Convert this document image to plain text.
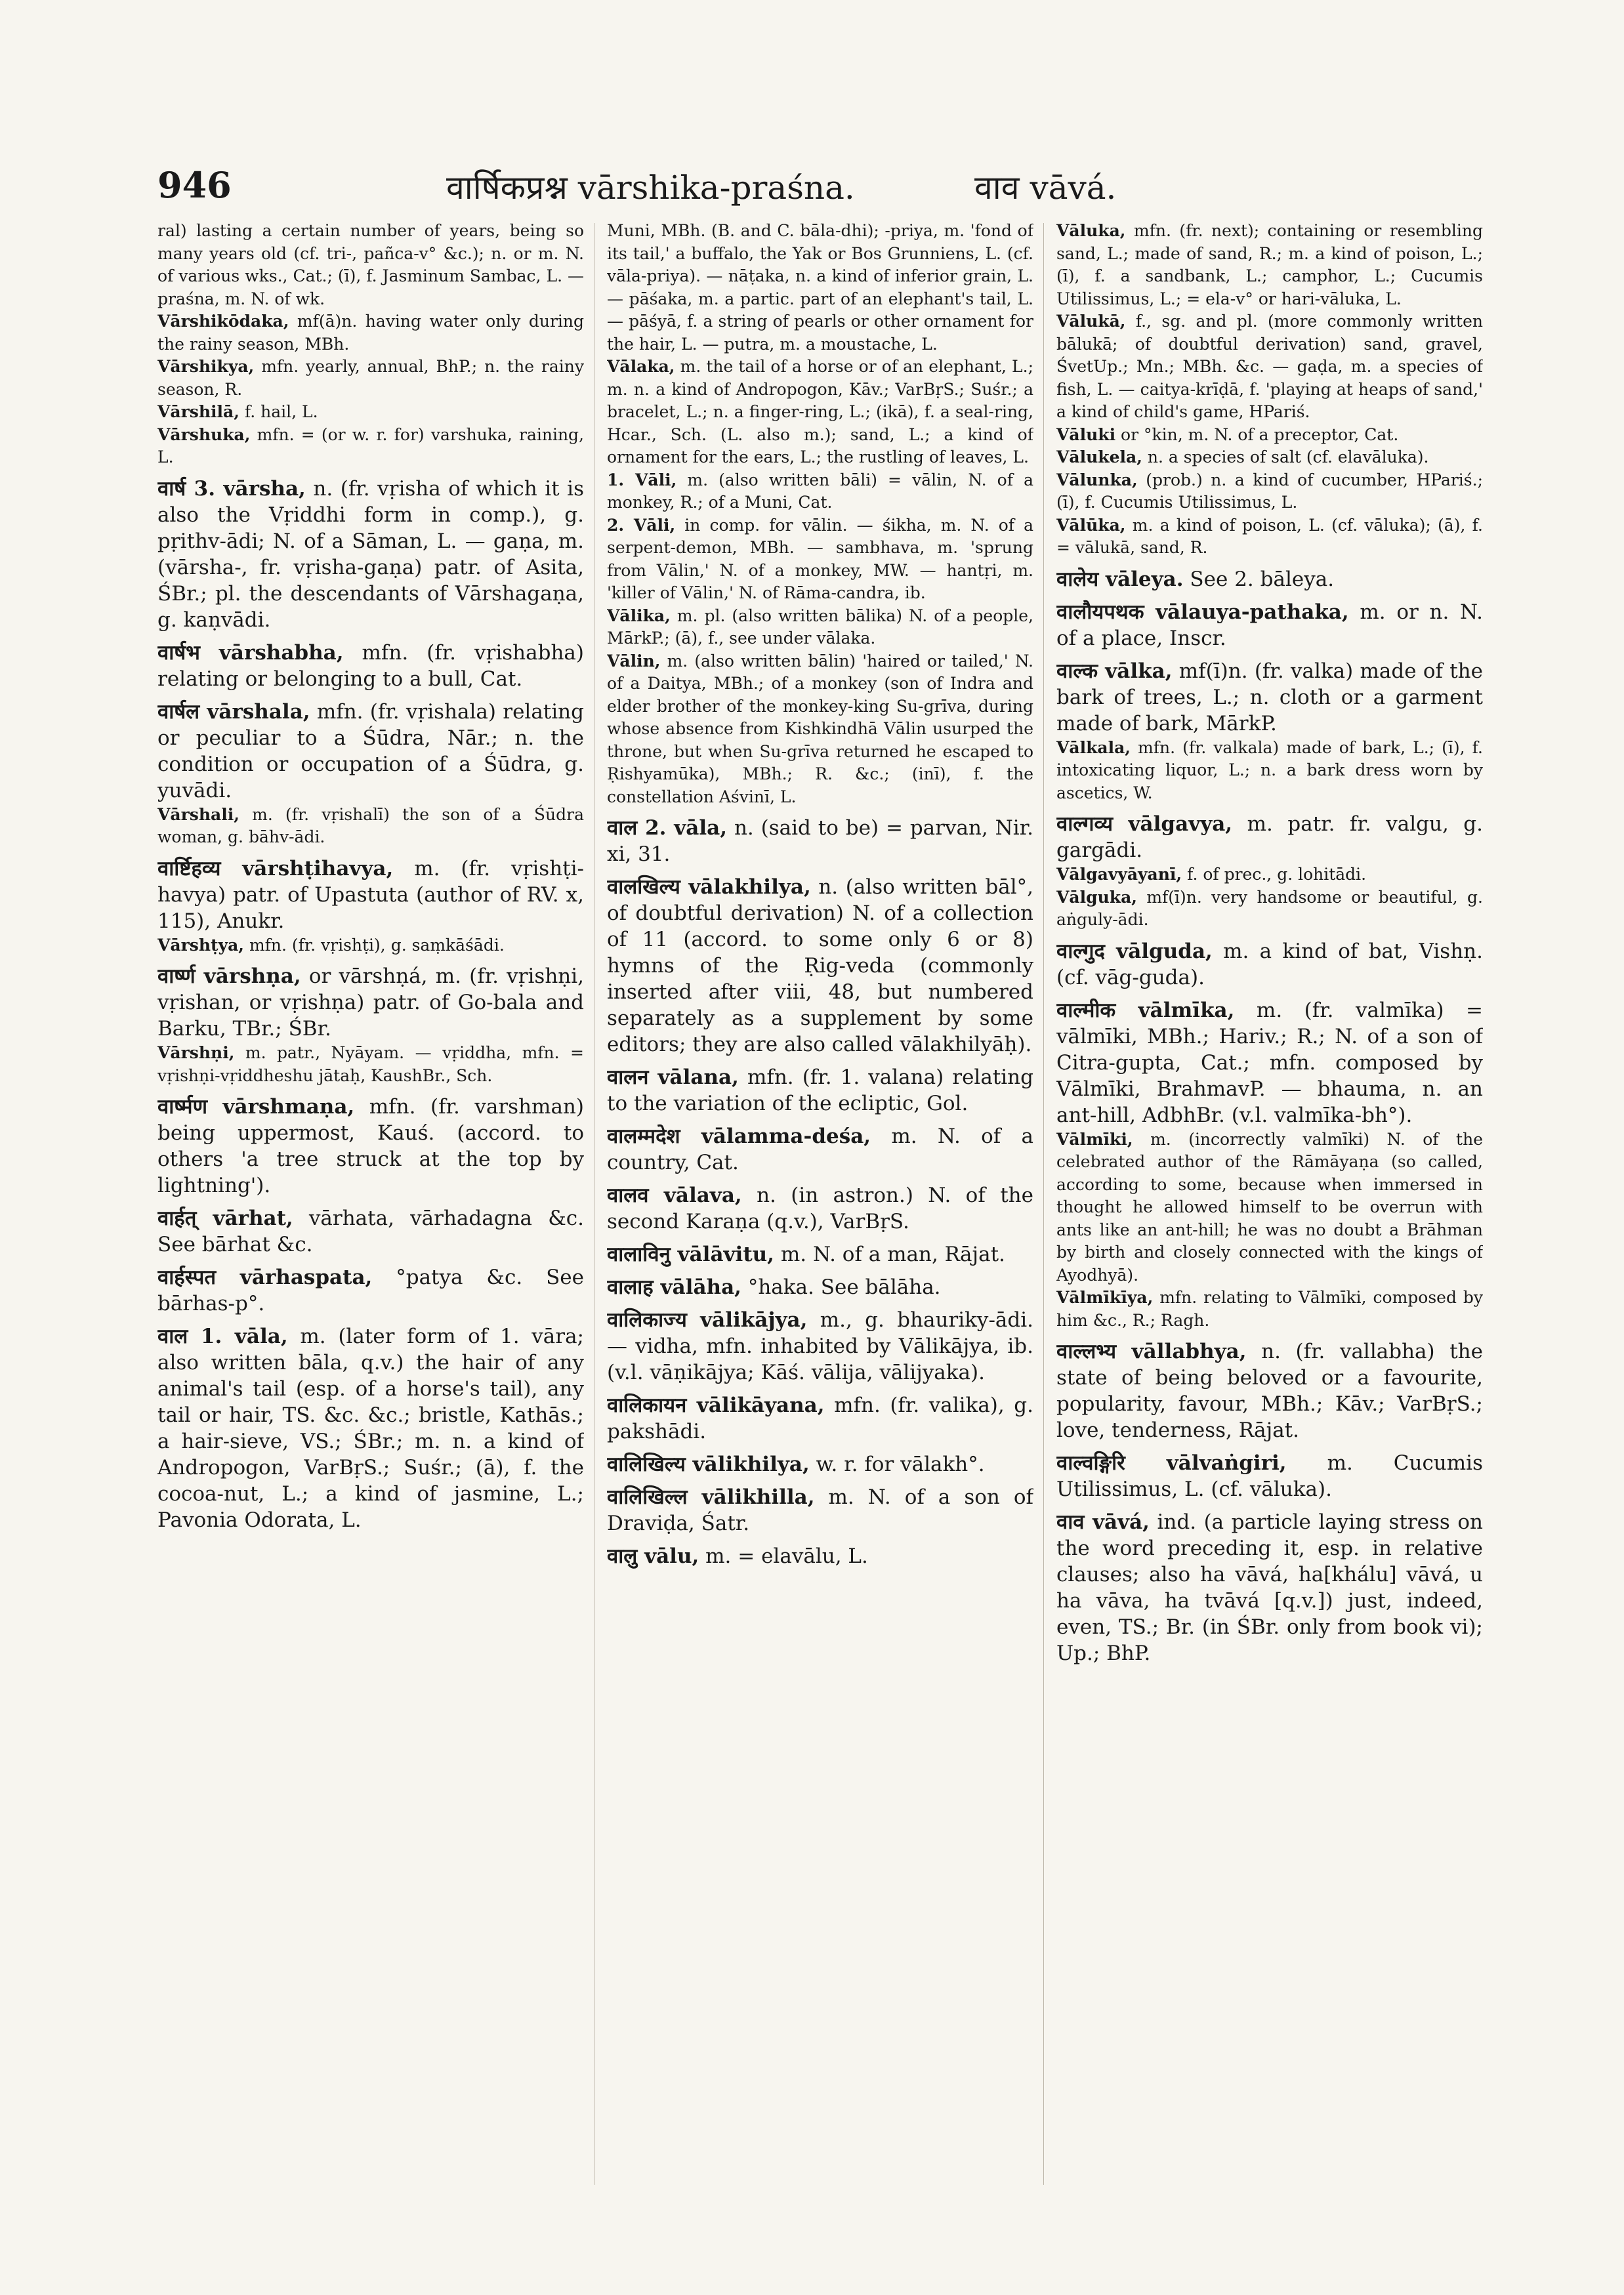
946	वार्षिकप्रश्न vārshika-praśna.	वाव vāvá.

ral) lasting a certain number of years, being so many years old (cf. tri-, pañca-v° &c.); n. or m. N. of various wks., Cat.; (ī), f. Jasminum Sambac, L. — praśna, m. N. of wk.

Vārshikōdaka, mf(ā)n. having water only during the rainy season, MBh.

Vārshikya, mfn. yearly, annual, BhP.; n. the rainy season, R.

Vārshilā, f. hail, L.

Vārshuka, mfn. = (or w. r. for) varshuka, raining, L.

वार्ष 3. vārsha, n. (fr. vṛisha of which it is also the Vṛiddhi form in comp.), g. pṛithv-ādi; N. of a Sāman, L. — gaṇa, m. (vārsha-, fr. vṛisha-gaṇa) patr. of Asita, ŚBr.; pl. the descendants of Vārshagaṇa, g. kaṇvādi.

वार्षभ vārshabha, mfn. (fr. vṛishabha) relating or belonging to a bull, Cat.

वार्षल vārshala, mfn. (fr. vṛishala) relating or peculiar to a Śūdra, Nār.; n. the condition or occupation of a Śūdra, g. yuvādi.

Vārshali, m. (fr. vṛishalī) the son of a Śūdra woman, g. bāhv-ādi.

वार्ष्टिहव्य vārshṭihavya, m. (fr. vṛishṭi-havya) patr. of Upastuta (author of RV. x, 115), Anukr.

Vārshṭya, mfn. (fr. vṛishṭi), g. saṃkāśādi.

वार्ष्ण vārshṇa, or vārshṇá, m. (fr. vṛishṇi, vṛishan, or vṛishṇa) patr. of Go-bala and Barku, TBr.; ŚBr.

Vārshṇi, m. patr., Nyāyam. — vṛiddha, mfn. = vṛishṇi-vṛiddheshu jātaḥ, KaushBr., Sch.

वार्ष्मण vārshmaṇa, mfn. (fr. varshman) being uppermost, Kauś. (accord. to others 'a tree struck at the top by lightning').

वार्हत् vārhat, vārhata, vārhadagna &c. See bārhat &c.

वार्हस्पत vārhaspata, °patya &c. See bārhas-p°.

वाल 1. vāla, m. (later form of 1. vāra; also written bāla, q.v.) the hair of any animal's tail (esp. of a horse's tail), any tail or hair, TS. &c. &c.; bristle, Kathās.; a hair-sieve, VS.; ŚBr.; m. n. a kind of Andropogon, VarBṛS.; Suśr.; (ā), f. the cocoa-nut, L.; a kind of jasmine, L.; Pavonia Odorata, L.

Muni, MBh. (B. and C. bāla-dhi); -priya, m. 'fond of its tail,' a buffalo, the Yak or Bos Grunniens, L. (cf. vāla-priya). — nāṭaka, n. a kind of inferior grain, L. — pāśaka, m. a partic. part of an elephant's tail, L. — pāśyā, f. a string of pearls or other ornament for the hair, L. — putra, m. a moustache, L.

Vālaka, m. the tail of a horse or of an elephant, L.; m. n. a kind of Andropogon, Kāv.; VarBṛS.; Suśr.; a bracelet, L.; n. a finger-ring, L.; (ikā), f. a seal-ring, Hcar., Sch. (L. also m.); sand, L.; a kind of ornament for the ears, L.; the rustling of leaves, L.

1. Vāli, m. (also written bāli) = vālin, N. of a monkey, R.; of a Muni, Cat.

2. Vāli, in comp. for vālin. — śikha, m. N. of a serpent-demon, MBh. — sambhava, m. 'sprung from Vālin,' N. of a monkey, MW. — hantṛi, m. 'killer of Vālin,' N. of Rāma-candra, ib.

Vālika, m. pl. (also written bālika) N. of a people, MārkP.; (ā), f., see under vālaka.

Vālin, m. (also written bālin) 'haired or tailed,' N. of a Daitya, MBh.; of a monkey (son of Indra and elder brother of the monkey-king Su-grīva, during whose absence from Kishkindhā Vālin usurped the throne, but when Su-grīva returned he escaped to Ṛishyamūka), MBh.; R. &c.; (inī), f. the constellation Aśvinī, L.

वाल 2. vāla, n. (said to be) = parvan, Nir. xi, 31.

वालखिल्य vālakhilya, n. (also written bāl°, of doubtful derivation) N. of a collection of 11 (accord. to some only 6 or 8) hymns of the Ṛig-veda (commonly inserted after viii, 48, but numbered separately as a supplement by some editors; they are also called vālakhilyāḥ).

वालन vālana, mfn. (fr. 1. valana) relating to the variation of the ecliptic, Gol.

वालम्मदेश vālamma-deśa, m. N. of a country, Cat.

वालव vālava, n. (in astron.) N. of the second Karaṇa (q.v.), VarBṛS.

वालाविनु vālāvitu, m. N. of a man, Rājat.

वालाह vālāha, °haka. See bālāha.

वालिकाज्य vālikājya, m., g. bhauriky-ādi. — vidha, mfn. inhabited by Vālikājya, ib. (v.l. vāṇikājya; Kāś. vālija, vālijyaka).

वालिकायन vālikāyana, mfn. (fr. valika), g. pakshādi.

वालिखिल्य vālikhilya, w. r. for vālakh°.

वालिखिल्ल vālikhilla, m. N. of a son of Draviḍa, Śatr.

वालु vālu, m. = elavālu, L.

Vāluka, mfn. (fr. next); containing or resembling sand, L.; made of sand, R.; m. a kind of poison, L.; (ī), f. a sandbank, L.; camphor, L.; Cucumis Utilissimus, L.; = ela-v° or hari-vāluka, L.

Vālukā, f., sg. and pl. (more commonly written bālukā; of doubtful derivation) sand, gravel, ŚvetUp.; Mn.; MBh. &c. — gaḍa, m. a species of fish, L. — caitya-krīḍā, f. 'playing at heaps of sand,' a kind of child's game, HPariś.

Vāluki or °kin, m. N. of a preceptor, Cat.

Vālukela, n. a species of salt (cf. elavāluka).

Vālunka, (prob.) n. a kind of cucumber, HPariś.; (ī), f. Cucumis Utilissimus, L.

Vālūka, m. a kind of poison, L. (cf. vāluka); (ā), f. = vālukā, sand, R.

वालेय vāleya. See 2. bāleya.

वालौयपथक vālauya-pathaka, m. or n. N. of a place, Inscr.

वाल्क vālka, mf(ī)n. (fr. valka) made of the bark of trees, L.; n. cloth or a garment made of bark, MārkP.

Vālkala, mfn. (fr. valkala) made of bark, L.; (ī), f. intoxicating liquor, L.; n. a bark dress worn by ascetics, W.

वाल्गव्य vālgavya, m. patr. fr. valgu, g. gargādi.

Vālgavyāyanī, f. of prec., g. lohitādi.

Vālguka, mf(ī)n. very handsome or beautiful, g. aṅguly-ādi.

वाल्गुद vālguda, m. a kind of bat, Vishṇ. (cf. vāg-guda).

वाल्मीक vālmīka, m. (fr. valmīka) = vālmīki, MBh.; Hariv.; R.; N. of a son of Citra-gupta, Cat.; mfn. composed by Vālmīki, BrahmavP. — bhauma, n. an ant-hill, AdbhBr. (v.l. valmīka-bh°).

Vālmīki, m. (incorrectly valmīki) N. of the celebrated author of the Rāmāyaṇa (so called, according to some, because when immersed in thought he allowed himself to be overrun with ants like an ant-hill; he was no doubt a Brāhman by birth and closely connected with the kings of Ayodhyā).

Vālmīkīya, mfn. relating to Vālmīki, composed by him &c., R.; Ragh.

वाल्लभ्य vāllabhya, n. (fr. vallabha) the state of being beloved or a favourite, popularity, favour, MBh.; Kāv.; VarBṛS.; love, tenderness, Rājat.

वाल्वङ्गिरि vālvaṅgiri, m. Cucumis Utilissimus, L. (cf. vāluka).

वाव vāvá, ind. (a particle laying stress on the word preceding it, esp. in relative clauses; also ha vāvá, ha[khálu] vāvá, u ha vāva, ha tvāvá [q.v.]) just, indeed, even, TS.; Br. (in ŚBr. only from book vi); Up.; BhP.
